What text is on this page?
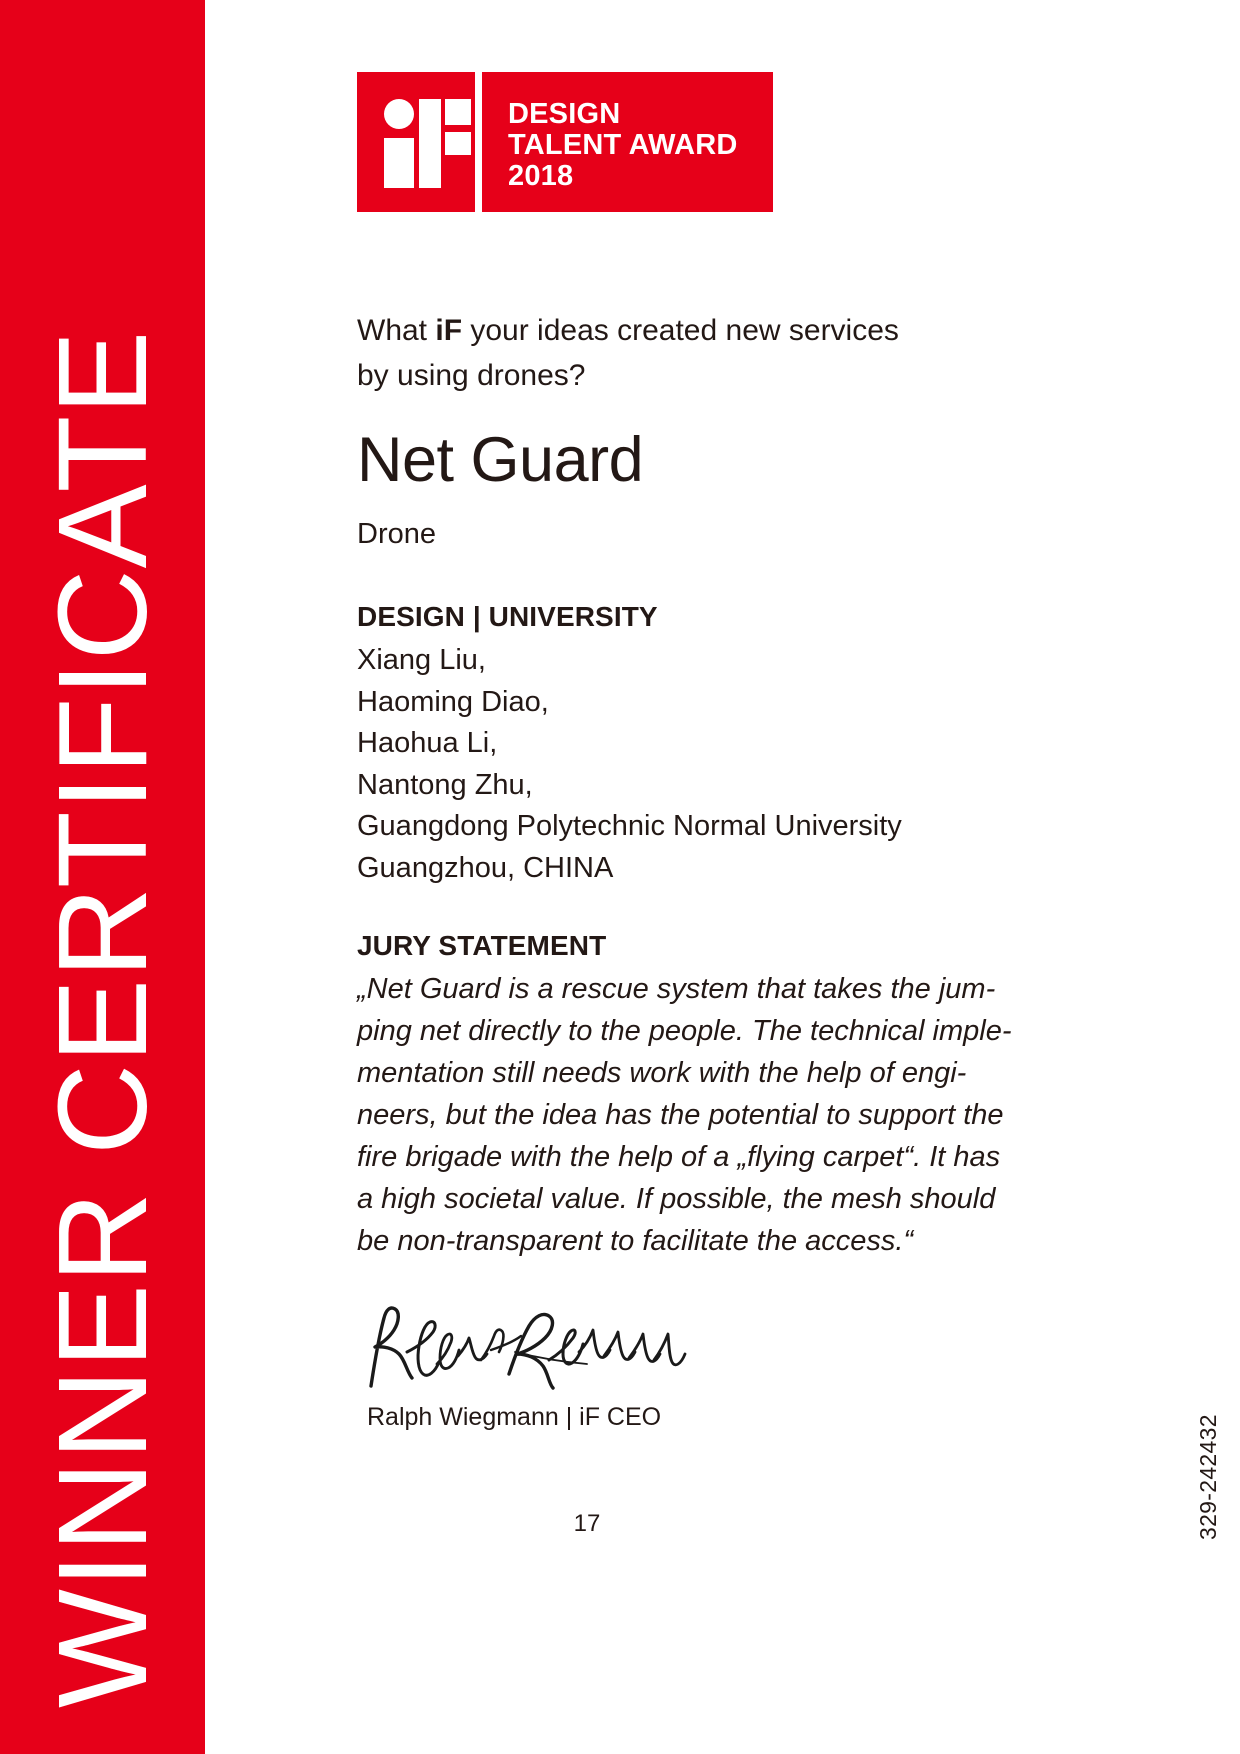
WINNER CERTIFICATE
DESIGN
TALENT AWARD
2018
What iF your ideas created new services
by using drones?
Net Guard
Drone
DESIGN | UNIVERSITY
Xiang Liu,
Haoming Diao,
Haohua Li,
Nantong Zhu,
Guangdong Polytechnic Normal University
Guangzhou, CHINA
JURY STATEMENT
„Net Guard is a rescue system that takes the jum-
ping net directly to the people. The technical imple-
mentation still needs work with the help of engi-
neers, but the idea has the potential to support the
fire brigade with the help of a „flying carpet“. It has
a high societal value. If possible, the mesh should
be non-transparent to facilitate the access.“
Ralph Wiegmann | iF CEO
17	329-242432
